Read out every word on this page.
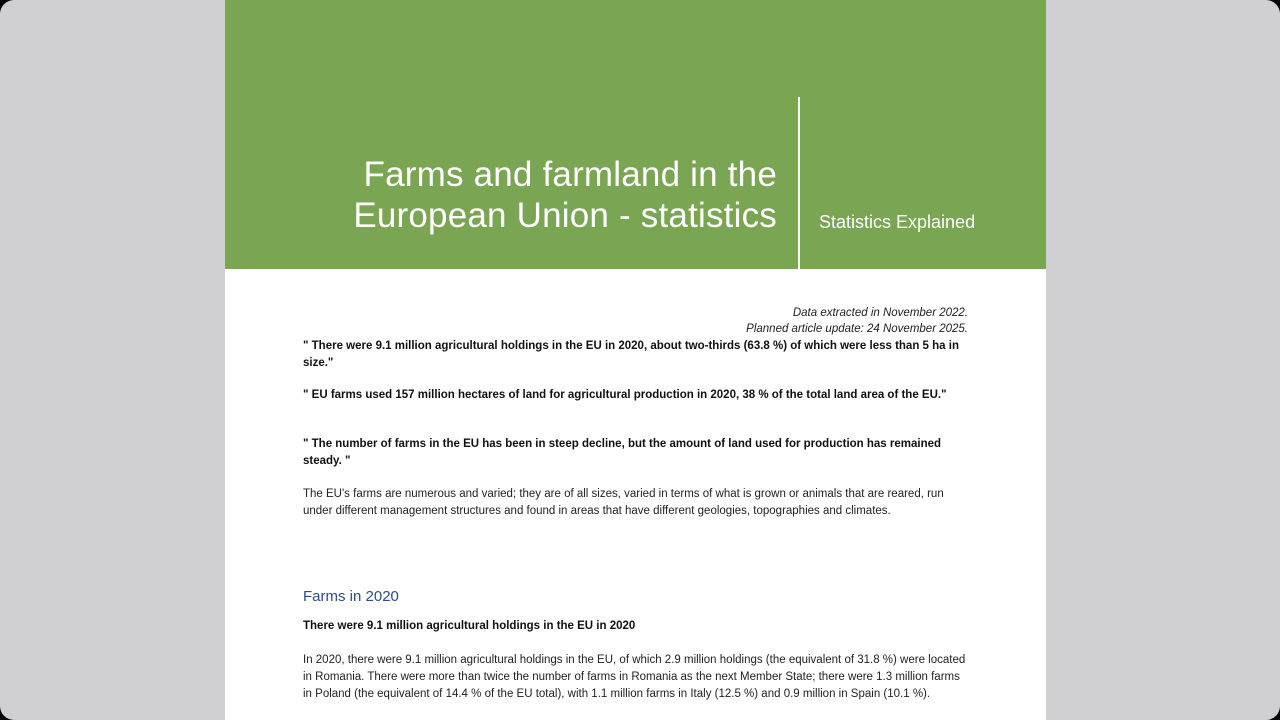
Farms and farmland in the
European Union - statistics Statistics Explained
Data extracted in November 2022.
Planned article update: 24 November 2025.

" There were 9.1 million agricultural holdings in the EU in 2020, about two-thirds (63.8 %) of which were less than 5 ha in size."

" EU farms used 157 million hectares of land for agricultural production in 2020, 38 % of the total land area of the EU."

" The number of farms in the EU has been in steep decline, but the amount of land used for production has remained steady. "

The EU's farms are numerous and varied; they are of all sizes, varied in terms of what is grown or animals that are reared, run under different management structures and found in areas that have different geologies, topographies and climates.

Farms in 2020

There were 9.1 million agricultural holdings in the EU in 2020

In 2020, there were 9.1 million agricultural holdings in the EU, of which 2.9 million holdings (the equivalent of 31.8 %) were located in Romania. There were more than twice the number of farms in Romania as the next Member State; there were 1.3 million farms in Poland (the equivalent of 14.4 % of the EU total), with 1.1 million farms in Italy (12.5 %) and 0.9 million in Spain (10.1 %).
